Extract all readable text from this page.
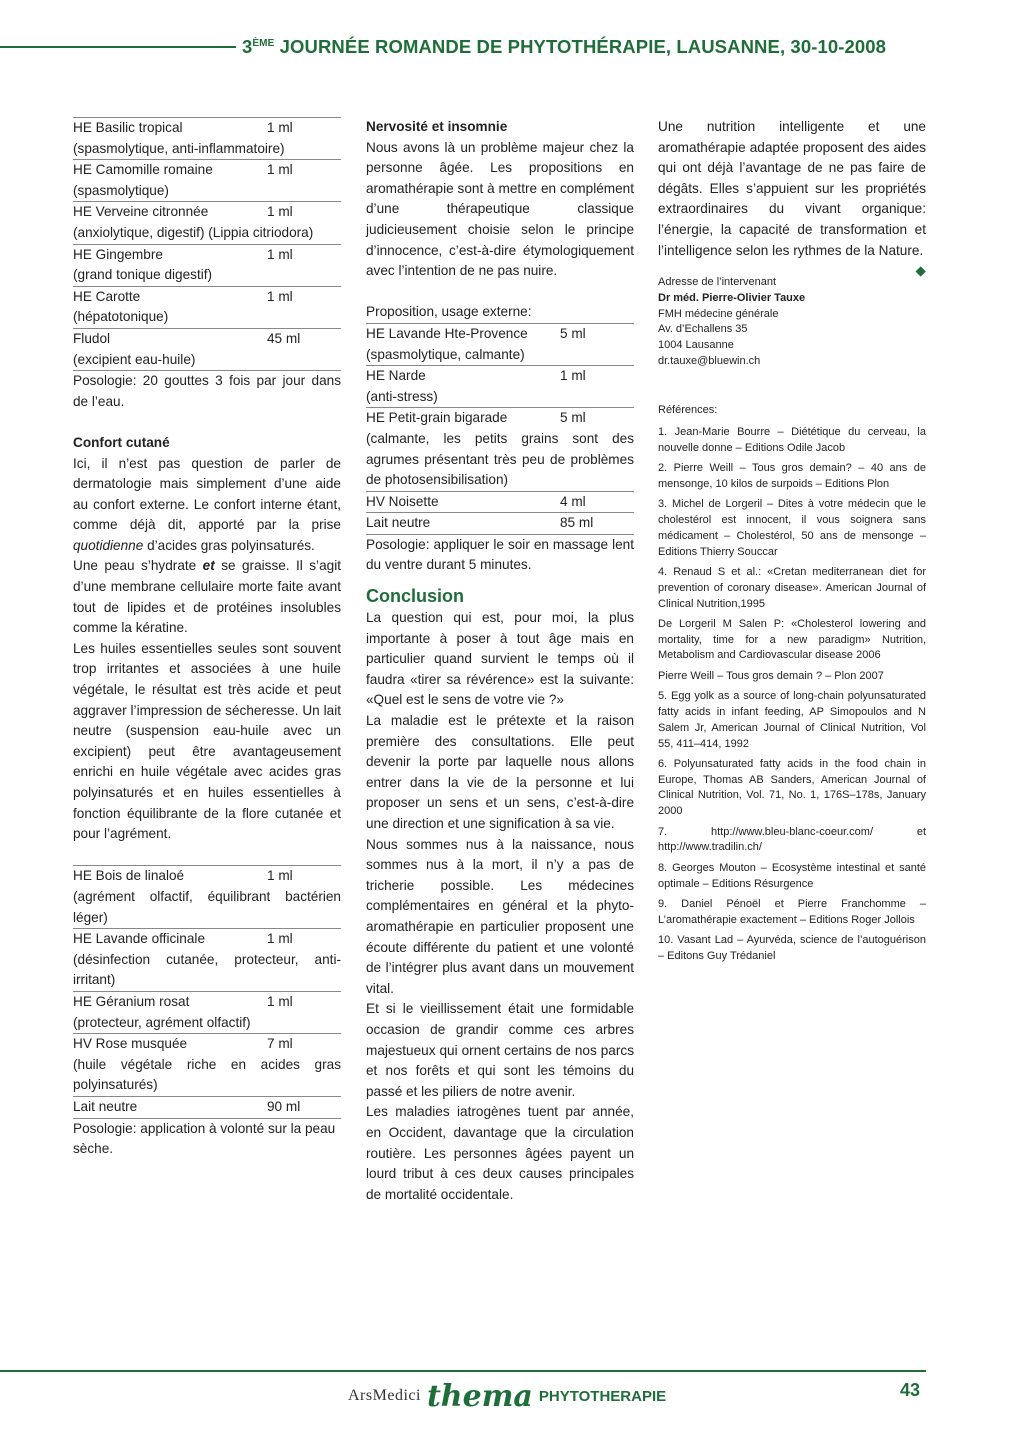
3ÈME JOURNÉE ROMANDE DE PHYTOTHÉRAPIE, LAUSANNE, 30-10-2008
HE Basilic tropical	1 ml
(spasmolytique, anti-inflammatoire)
HE Camomille romaine	1 ml
(spasmolytique)
HE Verveine citronnée	1 ml
(anxiolytique, digestif) (Lippia citriodora)
HE Gingembre	1 ml
(grand tonique digestif)
HE Carotte	1 ml
(hépatotonique)
Fludol	45 ml
(excipient eau-huile)
Posologie: 20 gouttes 3 fois par jour dans de l’eau.
Confort cutané
Ici, il n’est pas question de parler de dermatologie mais simplement d’une aide au confort externe. Le confort interne étant, comme déjà dit, apporté par la prise quotidienne d’acides gras polyinsaturés.
Une peau s’hydrate et se graisse. Il s’agit d’une membrane cellulaire morte faite avant tout de lipides et de protéines insolubles comme la kératine.
Les huiles essentielles seules sont souvent trop irritantes et associées à une huile végétale, le résultat est très acide et peut aggraver l’impression de sécheresse. Un lait neutre (suspension eau-huile avec un excipient) peut être avantageusement enrichi en huile végétale avec acides gras polyinsaturés et en huiles essentielles à fonction équilibrante de la flore cutanée et pour l’agrément.
HE Bois de linaloé	1 ml
(agrément olfactif, équilibrant bactérien léger)
HE Lavande officinale	1 ml
(désinfection cutanée, protecteur, anti-irritant)
HE Géranium rosat	1 ml
(protecteur, agrément olfactif)
HV Rose musquée	7 ml
(huile végétale riche en acides gras polyinsaturés)
Lait neutre	90 ml
Posologie: application à volonté sur la peau sèche.
Nervosité et insomnie
Nous avons là un problème majeur chez la personne âgée. Les propositions en aromathérapie sont à mettre en complément d’une thérapeutique classique judicieusement choisie selon le principe d’innocence, c’est-à-dire étymologiquement avec l’intention de ne pas nuire.
Proposition, usage externe:
HE Lavande Hte-Provence 5 ml
(spasmolytique, calmante)
HE Narde	1 ml
(anti-stress)
HE Petit-grain bigarade	5 ml
(calmante, les petits grains sont des agrumes présentant très peu de problèmes de photosensibilisation)
HV Noisette	4 ml
Lait neutre	85 ml
Posologie: appliquer le soir en massage lent du ventre durant 5 minutes.
Conclusion
La question qui est, pour moi, la plus importante à poser à tout âge mais en particulier quand survient le temps où il faudra «tirer sa révérence» est la suivante: «Quel est le sens de votre vie ?»
La maladie est le prétexte et la raison première des consultations. Elle peut devenir la porte par laquelle nous allons entrer dans la vie de la personne et lui proposer un sens et un sens, c’est-à-dire une direction et une signification à sa vie.
Nous sommes nus à la naissance, nous sommes nus à la mort, il n’y a pas de tricherie possible. Les médecines complémentaires en général et la phyto-aromathérapie en particulier proposent une écoute différente du patient et une volonté de l’intégrer plus avant dans un mouvement vital.
Et si le vieillissement était une formidable occasion de grandir comme ces arbres majestueux qui ornent certains de nos parcs et nos forêts et qui sont les témoins du passé et les piliers de notre avenir.
Les maladies iatrogènes tuent par année, en Occident, davantage que la circulation routière. Les personnes âgées payent un lourd tribut à ces deux causes principales de mortalité occidentale.
Une nutrition intelligente et une aromathérapie adaptée proposent des aides qui ont déjà l’avantage de ne pas faire de dégâts. Elles s’appuient sur les propriétés extraordinaires du vivant organique: l’énergie, la capacité de transformation et l’intelligence selon les rythmes de la Nature.
◆
Adresse de l’intervenant
Dr méd. Pierre-Olivier Tauxe
FMH médecine générale
Av. d’Echallens 35
1004 Lausanne
dr.tauxe@bluewin.ch
Références:
1. Jean-Marie Bourre – Diététique du cerveau, la nouvelle donne – Editions Odile Jacob
2. Pierre Weill – Tous gros demain? – 40 ans de mensonge, 10 kilos de surpoids – Editions Plon
3. Michel de Lorgeril – Dites à votre médecin que le cholestérol est innocent, il vous soignera sans médicament – Cholestérol, 50 ans de mensonge – Editions Thierry Souccar
4. Renaud S et al.: «Cretan mediterranean diet for prevention of coronary disease». American Journal of Clinical Nutrition,1995
De Lorgeril M Salen P: «Cholesterol lowering and mortality, time for a new paradigm» Nutrition, Metabolism and Cardiovascular disease 2006
Pierre Weill – Tous gros demain ? – Plon 2007
5. Egg yolk as a source of long-chain polyunsaturated fatty acids in infant feeding, AP Simopoulos and N Salem Jr, American Journal of Clinical Nutrition, Vol 55, 411–414, 1992
6. Polyunsaturated fatty acids in the food chain in Europe, Thomas AB Sanders, American Journal of Clinical Nutrition, Vol. 71, No. 1, 176S–178s, January 2000
7. http://www.bleu-blanc-coeur.com/ et http://www.tradilin.ch/
8. Georges Mouton – Ecosystème intestinal et santé optimale – Editions Résurgence
9. Daniel Pénoël et Pierre Franchomme – L’aromathérapie exactement – Editions Roger Jollois
10. Vasant Lad – Ayurvéda, science de l’autoguérison – Editons Guy Trédaniel
ArsMedici thema PHYTOTHERAPIE	43
